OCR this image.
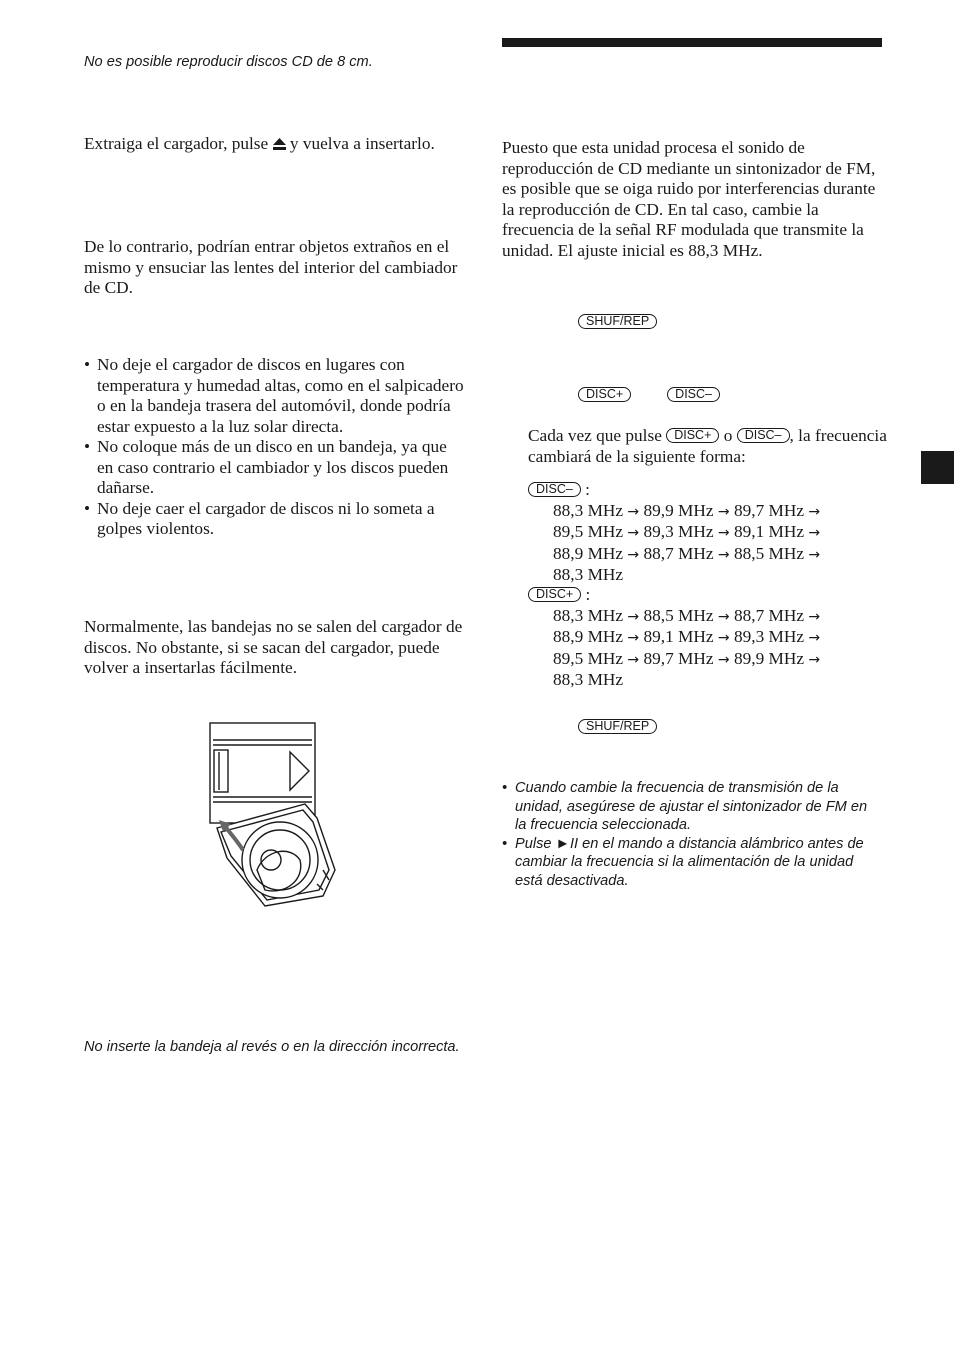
No es posible reproducir discos CD de 8 cm.

Extraiga el cargador, pulse y vuelva a insertarlo.

De lo contrario, podrían entrar objetos extraños en el mismo y ensuciar las lentes del interior del cambiador de CD.

• No deje el cargador de discos en lugares con temperatura y humedad altas, como en el salpicadero o en la bandeja trasera del automóvil, donde podría estar expuesto a la luz solar directa.
• No coloque más de un disco en un bandeja, ya que en caso contrario el cambiador y los discos pueden dañarse.
• No deje caer el cargador de discos ni lo someta a golpes violentos.

Normalmente, las bandejas no se salen del cargador de discos. No obstante, si se sacan del cargador, puede volver a insertarlas fácilmente.

No inserte la bandeja al revés o en la dirección incorrecta.

Puesto que esta unidad procesa el sonido de reproducción de CD mediante un sintonizador de FM, es posible que se oiga ruido por interferencias durante la reproducción de CD. En tal caso, cambie la frecuencia de la señal RF modulada que transmite la unidad. El ajuste inicial es 88,3 MHz.

SHUF/REP
DISC+	DISC–

Cada vez que pulse DISC+ o DISC– , la frecuencia cambiará de la siguiente forma:

DISC– :
88,3 MHz → 89,9 MHz → 89,7 MHz →
89,5 MHz → 89,3 MHz → 89,1 MHz →
88,9 MHz → 88,7 MHz → 88,5 MHz →
88,3 MHz
DISC+ :
88,3 MHz → 88,5 MHz → 88,7 MHz →
88,9 MHz → 89,1 MHz → 89,3 MHz →
89,5 MHz → 89,7 MHz → 89,9 MHz →
88,3 MHz
SHUF/REP
• Cuando cambie la frecuencia de transmisión de la unidad, asegúrese de ajustar el sintonizador de FM en la frecuencia seleccionada.
• Pulse ►II en el mando a distancia alámbrico antes de cambiar la frecuencia si la alimentación de la unidad está desactivada.
